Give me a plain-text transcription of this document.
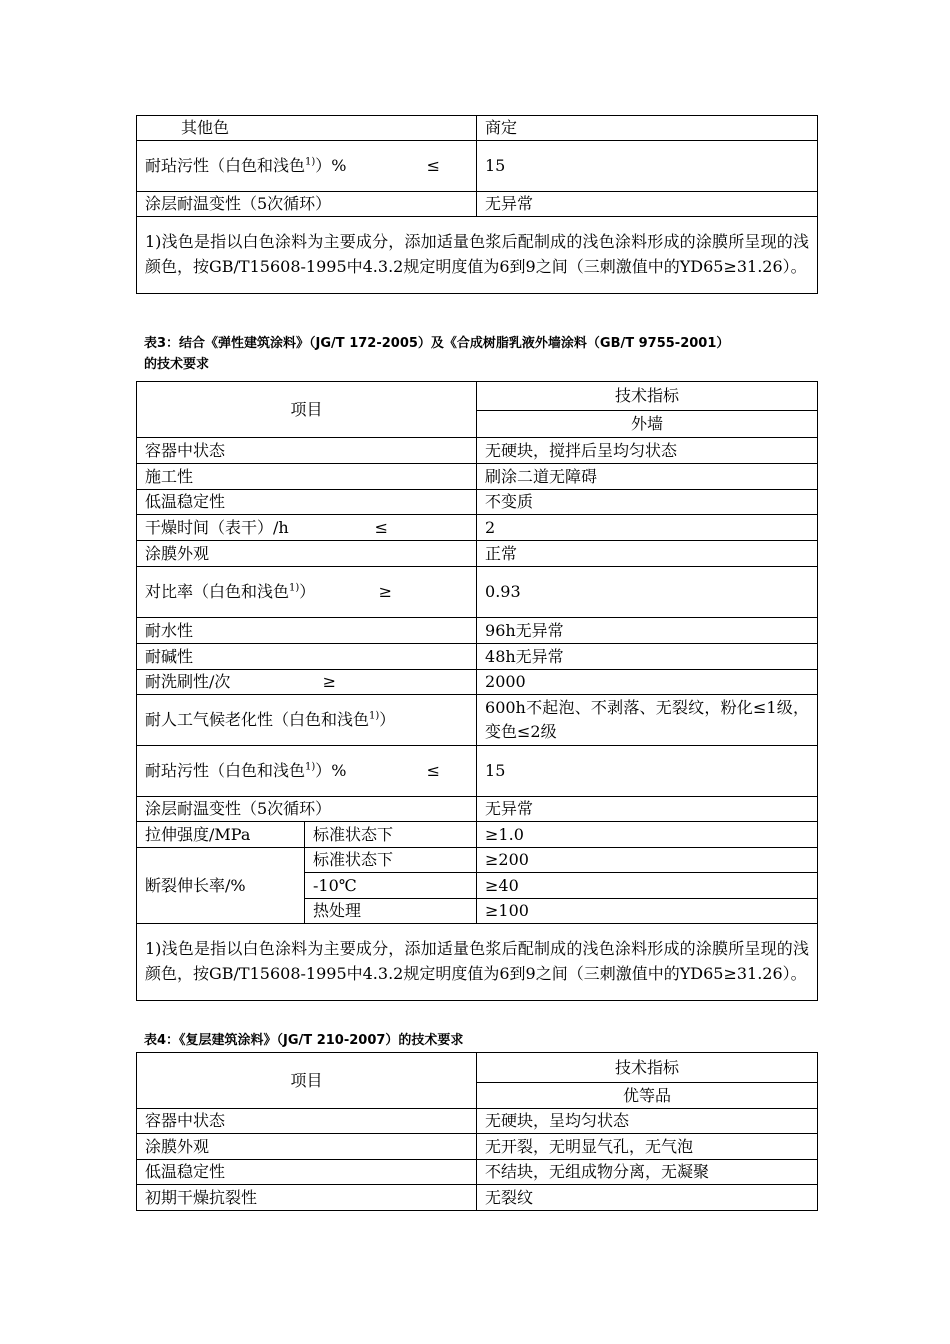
其他色	商定

耐玷污性（白色和浅色$^{1)}$）% ≤	15
涂层耐温变性（5次循环）	无异常
1)浅色是指以白色涂料为主要成分，添加适量色浆后配制成的浅色涂料形成的涂膜所呈现的浅颜色，按GB/T15608-1995中4.3.2规定明度值为6到9之间（三刺激值中的YD65≥31.26）。	
表3：结合《弹性建筑涂料》（JG/T 172-2005）及《合成树脂乳液外墙涂料（GB/T 9755-2001）
的技术要求
项目		技术指标
		外墙
容器中状态		无硬块，搅拌后呈均匀状态
施工性		刷涂二道无障碍
低温稳定性		不变质

干燥时间（表干）/h ≤		2
涂膜外观		正常

对比率（白色和浅色$^{1)}$） ≥		0.93
耐水性		96h无异常
耐碱性		48h无异常

耐洗刷性/次 ≥		2000
耐人工气候老化性（白色和浅色$^{1)}$）		600h不起泡、不剥落、无裂纹，粉化≤1级，变色≤2级

耐玷污性（白色和浅色$^{1)}$）% ≤		15
涂层耐温变性（5次循环）		无异常
拉伸强度/MPa	标准状态下	≥1.0
断裂伸长率/%	标准状态下	≥200
	-10℃	≥40
	热处理	≥100
1)浅色是指以白色涂料为主要成分，添加适量色浆后配制成的浅色涂料形成的涂膜所呈现的浅颜色，按GB/T15608-1995中4.3.2规定明度值为6到9之间（三刺激值中的YD65≥31.26）。		
表4：《复层建筑涂料》（JG/T 210-2007）的技术要求
项目	技术指标
	优等品
容器中状态	无硬块，呈均匀状态
涂膜外观	无开裂，无明显气孔，无气泡
低温稳定性	不结块，无组成物分离，无凝聚
初期干燥抗裂性	无裂纹
